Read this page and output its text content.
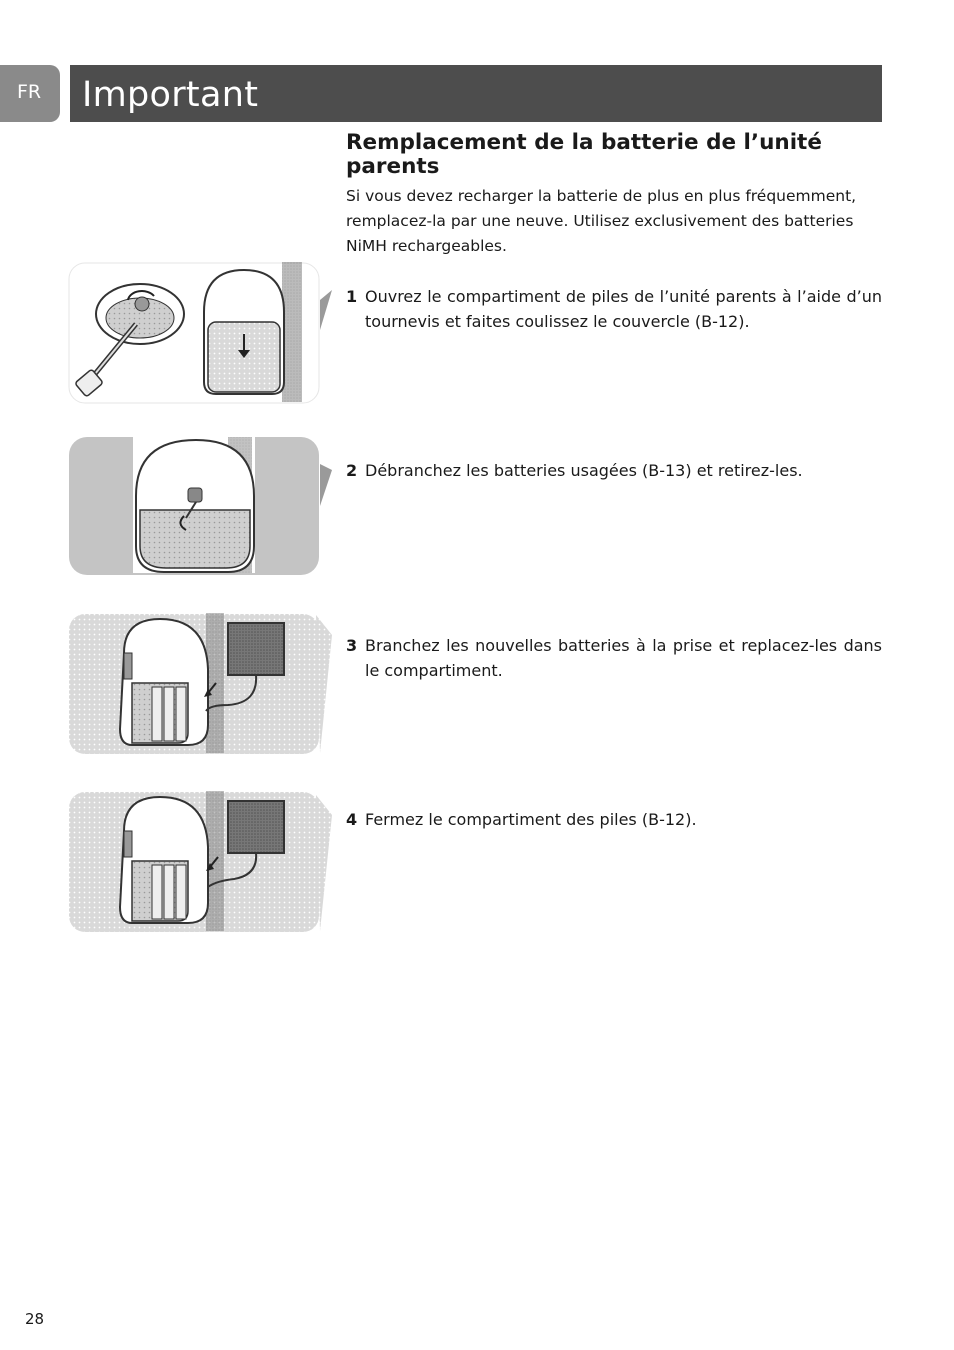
FR	Important
Remplacement de la batterie de l’unité parents

Si vous devez recharger la batterie de plus en plus fréquemment, remplacez-la par une neuve. Utilisez exclusivement des batteries NiMH rechargeables.

1 Ouvrez le compartiment de piles de l’unité parents à l’aide d’un tournevis et faites coulissez le couvercle (B-12).

2 Débranchez les batteries usagées (B-13) et retirez-les.

3 Branchez les nouvelles batteries à la prise et replacez-les dans le compartiment.

4 Fermez le compartiment des piles (B-12).

28
